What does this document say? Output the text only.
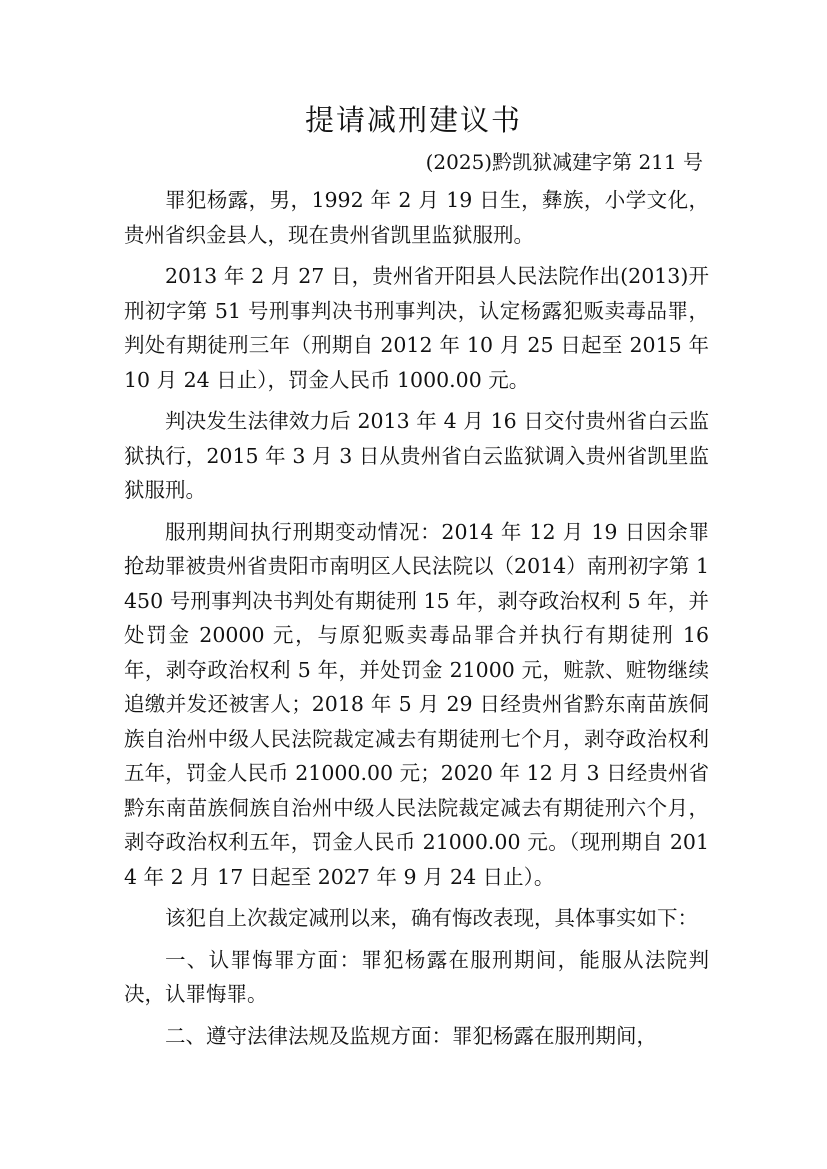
提请减刑建议书
(2025)黔凯狱减建字第 211 号

罪犯杨露，男，1992 年 2 月 19 日生，彝族，小学文化，贵州省织金县人，现在贵州省凯里监狱服刑。

2013 年 2 月 27 日，贵州省开阳县人民法院作出(2013)开刑初字第 51 号刑事判决书刑事判决，认定杨露犯贩卖毒品罪，判处有期徒刑三年（刑期自 2012 年 10 月 25 日起至 2015 年 10 月 24 日止），罚金人民币 1000.00 元。

判决发生法律效力后 2013 年 4 月 16 日交付贵州省白云监狱执行，2015 年 3 月 3 日从贵州省白云监狱调入贵州省凯里监狱服刑。

服刑期间执行刑期变动情况：2014 年 12 月 19 日因余罪抢劫罪被贵州省贵阳市南明区人民法院以（2014）南刑初字第 1450 号刑事判决书判处有期徒刑 15 年，剥夺政治权利 5 年，并处罚金 20000 元，与原犯贩卖毒品罪合并执行有期徒刑 16 年，剥夺政治权利 5 年，并处罚金 21000 元，赃款、赃物继续追缴并发还被害人；2018 年 5 月 29 日经贵州省黔东南苗族侗族自治州中级人民法院裁定减去有期徒刑七个月，剥夺政治权利五年，罚金人民币 21000.00 元；2020 年 12 月 3 日经贵州省黔东南苗族侗族自治州中级人民法院裁定减去有期徒刑六个月，剥夺政治权利五年，罚金人民币 21000.00 元。（现刑期自 2014 年 2 月 17 日起至 2027 年 9 月 24 日止）。

该犯自上次裁定减刑以来，确有悔改表现，具体事实如下：

一、认罪悔罪方面：罪犯杨露在服刑期间，能服从法院判决，认罪悔罪。

二、遵守法律法规及监规方面：罪犯杨露在服刑期间，
